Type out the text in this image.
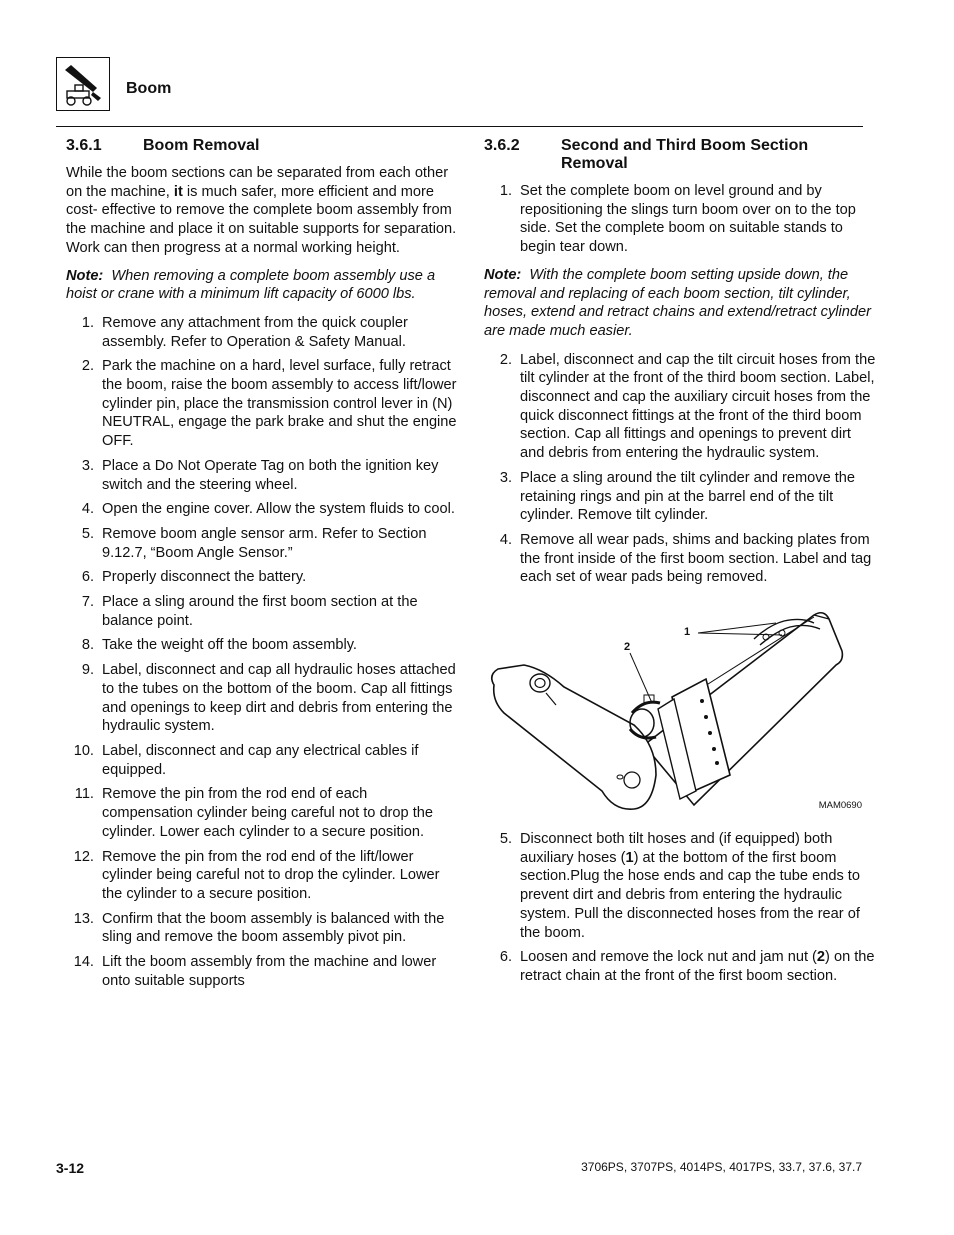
Boom
3.6.1	Boom Removal

While the boom sections can be separated from each other on the machine, it is much safer, more efficient and more cost- effective to remove the complete boom assembly from the machine and place it on suitable supports for separation. Work can then progress at a normal working height.

Note: When removing a complete boom assembly use a hoist or crane with a minimum lift capacity of 6000 lbs.

1. Remove any attachment from the quick coupler assembly. Refer to Operation & Safety Manual.
2. Park the machine on a hard, level surface, fully retract the boom, raise the boom assembly to access lift/lower cylinder pin, place the transmission control lever in (N) NEUTRAL, engage the park brake and shut the engine OFF.
3. Place a Do Not Operate Tag on both the ignition key switch and the steering wheel.
4. Open the engine cover. Allow the system fluids to cool.
5. Remove boom angle sensor arm. Refer to Section 9.12.7, “Boom Angle Sensor.”
6. Properly disconnect the battery.
7. Place a sling around the first boom section at the balance point.
8. Take the weight off the boom assembly.
9. Label, disconnect and cap all hydraulic hoses attached to the tubes on the bottom of the boom. Cap all fittings and openings to keep dirt and debris from entering the hydraulic system.
10. Label, disconnect and cap any electrical cables if equipped.
11. Remove the pin from the rod end of each compensation cylinder being careful not to drop the cylinder. Lower each cylinder to a secure position.
12. Remove the pin from the rod end of the lift/lower cylinder being careful not to drop the cylinder. Lower the cylinder to a secure position.
13. Confirm that the boom assembly is balanced with the sling and remove the boom assembly pivot pin.
14. Lift the boom assembly from the machine and lower onto suitable supports
3.6.2	Second and Third Boom Section Removal
1. Set the complete boom on level ground and by repositioning the slings turn boom over on to the top side. Set the complete boom on suitable stands to begin tear down.

Note: With the complete boom setting upside down, the removal and replacing of each boom section, tilt cylinder, hoses, extend and retract chains and extend/retract cylinder are made much easier.

2. Label, disconnect and cap the tilt circuit hoses from the tilt cylinder at the front of the third boom section. Label, disconnect and cap the auxiliary circuit hoses from the quick disconnect fittings at the front of the third boom section. Cap all fittings and openings to prevent dirt and debris from entering the hydraulic system.
3. Place a sling around the tilt cylinder and remove the retaining rings and pin at the barrel end of the tilt cylinder. Remove tilt cylinder.
4. Remove all wear pads, shims and backing plates from the front inside of the first boom section. Label and tag each set of wear pads being removed.
1
2
MAM0690
5. Disconnect both tilt hoses and (if equipped) both auxiliary hoses (1) at the bottom of the first boom section.Plug the hose ends and cap the tube ends to prevent dirt and debris from entering the hydraulic system. Pull the disconnected hoses from the rear of the boom.
6. Loosen and remove the lock nut and jam nut (2) on the retract chain at the front of the first boom section.
3-12	3706PS, 3707PS, 4014PS, 4017PS, 33.7, 37.6, 37.7
